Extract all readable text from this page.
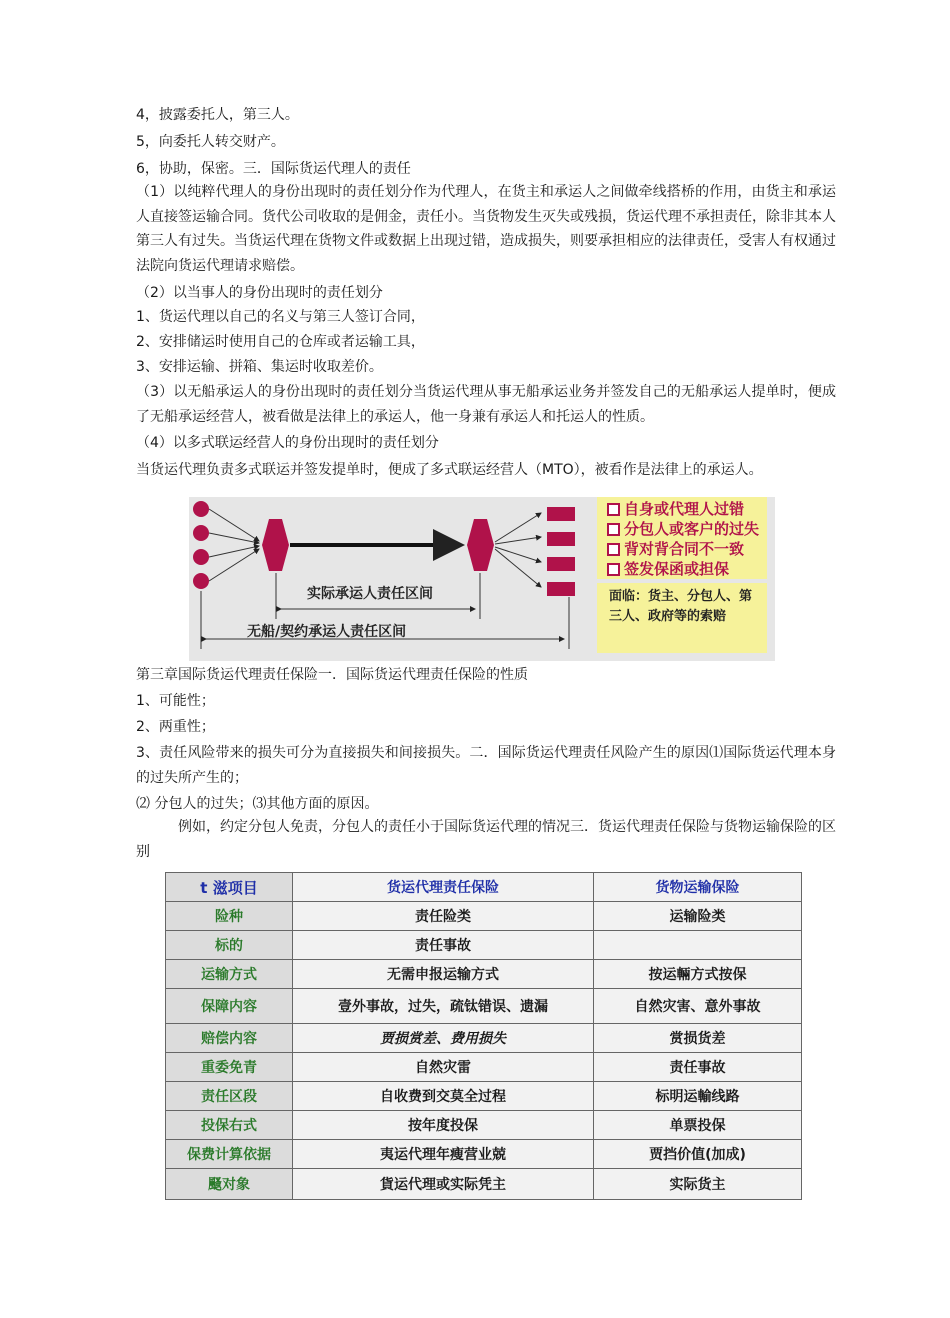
4，披露委托人，第三人。
5，向委托人转交财产。
6，协助，保密。三．国际货运代理人的责任
（1）以纯粹代理人的身份出现时的责任划分作为代理人，在货主和承运人之间做牵线搭桥的作用，由货主和承运人直接签运输合同。货代公司收取的是佣金，责任小。当货物发生灭失或残损，货运代理不承担责任，除非其本人第三人有过失。当货运代理在货物文件或数据上出现过错，造成损失，则要承担相应的法律责任，受害人有权通过法院向货运代理请求赔偿。
（2）以当事人的身份出现时的责任划分
1、货运代理以自己的名义与第三人签订合同，
2、安排储运时使用自己的仓库或者运输工具，
3、安排运输、拼箱、集运时收取差价。
（3）以无船承运人的身份出现时的责任划分当货运代理从事无船承运业务并签发自己的无船承运人提单时，便成了无船承运经营人，被看做是法律上的承运人，他一身兼有承运人和托运人的性质。
（4）以多式联运经营人的身份出现时的责任划分
当货运代理负责多式联运并签发提单时，便成了多式联运经营人（MTO），被看作是法律上的承运人。
自身或代理人过错
分包人或客户的过失
背对背合同不一致
签发保函或担保
面临：货主、分包人、第三人、政府等的索赔
实际承运人责任区间
无船/契约承运人责任区间
第三章国际货运代理责任保险一．国际货运代理责任保险的性质
1、可能性；
2、两重性；
3、责任风险带来的损失可分为直接损失和间接损失。二．国际货运代理责任风险产生的原因⑴国际货运代理本身的过失所产生的；
⑵ 分包人的过失；⑶其他方面的原因。
例如，约定分包人免责，分包人的责任小于国际货运代理的情况三．货运代理责任保险与货物运输保险的区别
t 滋项目	货运代理责任保险	货物运输保险
险种	责任险类	运输险类
标的	责任事故	
运输方式	无需申报运输方式	按运輛方式按保
保障内容	壹外事故，过失，疏钛错误、遗漏	自然灾害、意外事故
赔偿内容	贾损赏差、费用损失	赏损货差
重委免青	自然灾雷	责任事故
责任区段	自收费到交莫全过程	标明运輸线路
投保右式	按年度投保	单票投保
保费计算依据	夷运代理年瘦营业兢	贾挡价值(加成)
颾对象	貨运代理或实际凭主	实际货主
